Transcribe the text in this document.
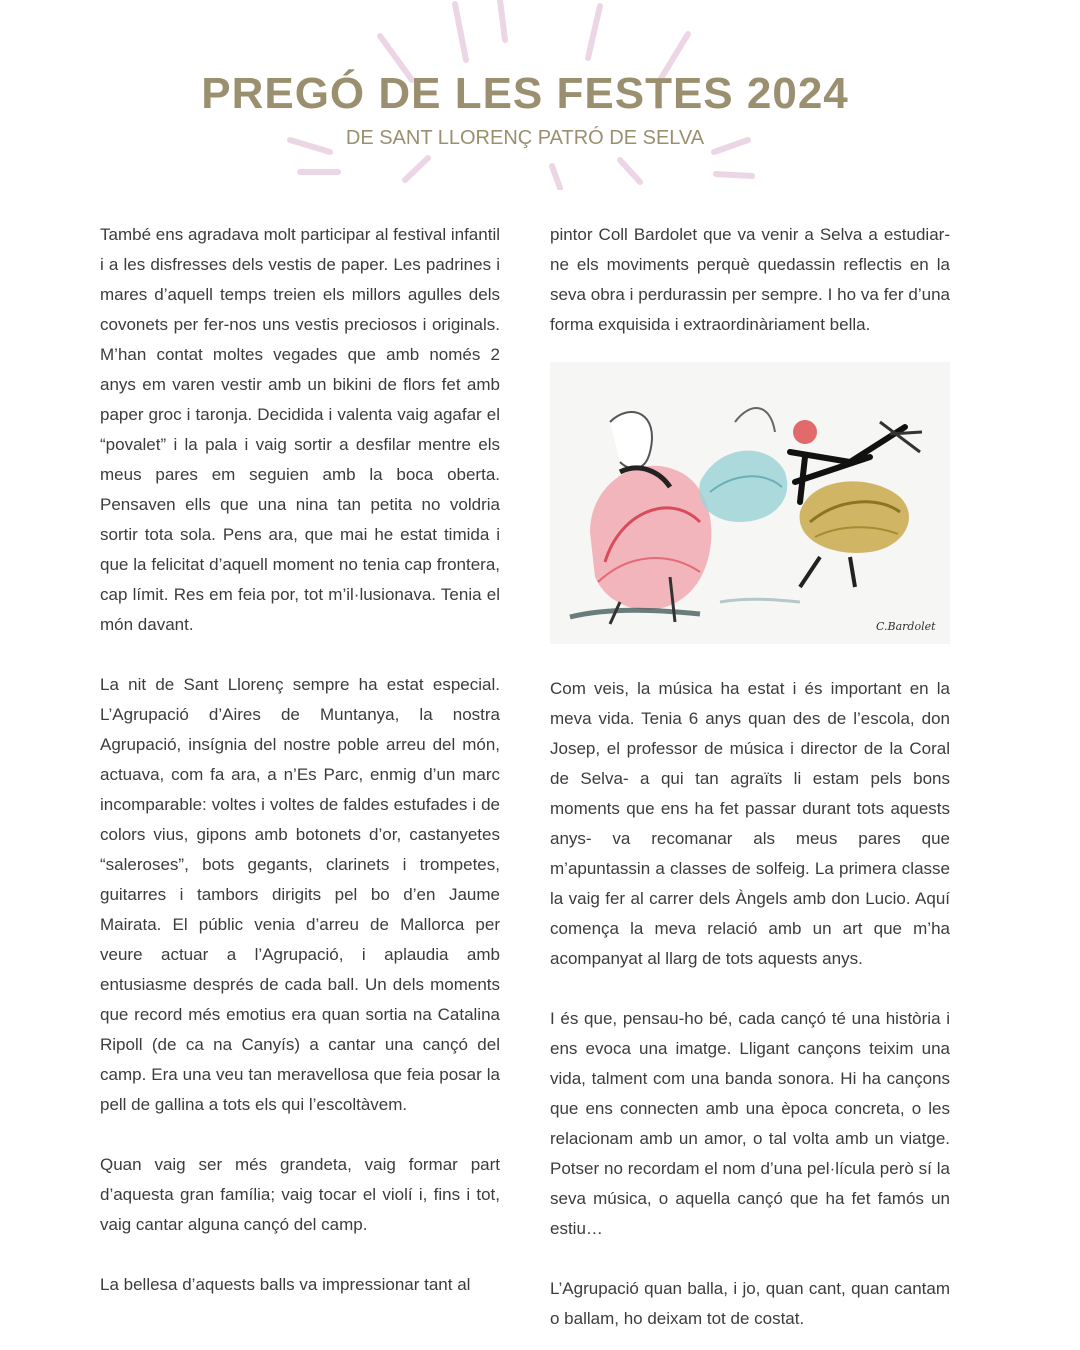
PREGÓ DE LES FESTES 2024
DE SANT LLORENÇ PATRÓ DE SELVA

També ens agradava molt participar al festival infantil i a les disfresses dels vestis de paper. Les padrines i mares d’aquell temps treien els millors agulles dels covonets per fer-nos uns vestis preciosos i originals. M’han contat moltes vegades que amb només 2 anys em varen vestir amb un bikini de flors fet amb paper groc i taronja. Decidida i valenta vaig agafar el “povalet” i la pala i vaig sortir a desfilar mentre els meus pares em seguien amb la boca oberta. Pensaven ells que una nina tan petita no voldria sortir tota sola. Pens ara, que mai he estat timida i que la felicitat d’aquell moment no tenia cap frontera, cap límit. Res em feia por, tot m’il·lusionava. Tenia el món davant.

La nit de Sant Llorenç sempre ha estat especial. L’Agrupació d’Aires de Muntanya, la nostra Agrupació, insígnia del nostre poble arreu del món, actuava, com fa ara, a n’Es Parc, enmig d’un marc incomparable: voltes i voltes de faldes estufades i de colors vius, gipons amb botonets d’or, castanyetes “saleroses”, bots gegants, clarinets i trompetes, guitarres i tambors dirigits pel bo d’en Jaume Mairata. El públic venia d’arreu de Mallorca per veure actuar a l’Agrupació, i aplaudia amb entusiasme després de cada ball. Un dels moments que record més emotius era quan sortia na Catalina Ripoll (de ca na Canyís) a cantar una cançó del camp. Era una veu tan meravellosa que feia posar la pell de gallina a tots els qui l’escoltàvem.

Quan vaig ser més grandeta, vaig formar part d’aquesta gran família; vaig tocar el violí i, fins i tot, vaig cantar alguna cançó del camp.

La bellesa d’aquests balls va impressionar tant al

pintor Coll Bardolet que va venir a Selva a estudiar-ne els moviments perquè quedassin reflectis en la seva obra i perdurassin per sempre. I ho va fer d’una forma exquisida i extraordinàriament bella.

C.Bardolet

Com veis, la música ha estat i és important en la meva vida. Tenia 6 anys quan des de l’escola, don Josep, el professor de música i director de la Coral de Selva- a qui tan agraïts li estam pels bons moments que ens ha fet passar durant tots aquests anys- va recomanar als meus pares que m’apuntassin a classes de solfeig. La primera classe la vaig fer al carrer dels Àngels amb don Lucio. Aquí comença la meva relació amb un art que m’ha acompanyat al llarg de tots aquests anys.

I és que, pensau-ho bé, cada cançó té una història i ens evoca una imatge. Lligant cançons teixim una vida, talment com una banda sonora. Hi ha cançons que ens connecten amb una època concreta, o les relacionam amb un amor, o tal volta amb un viatge. Potser no recordam el nom d’una pel·lícula però sí la seva música, o aquella cançó que ha fet famós un estiu…

L’Agrupació quan balla, i jo, quan cant, quan cantam o ballam, ho deixam tot de costat.
